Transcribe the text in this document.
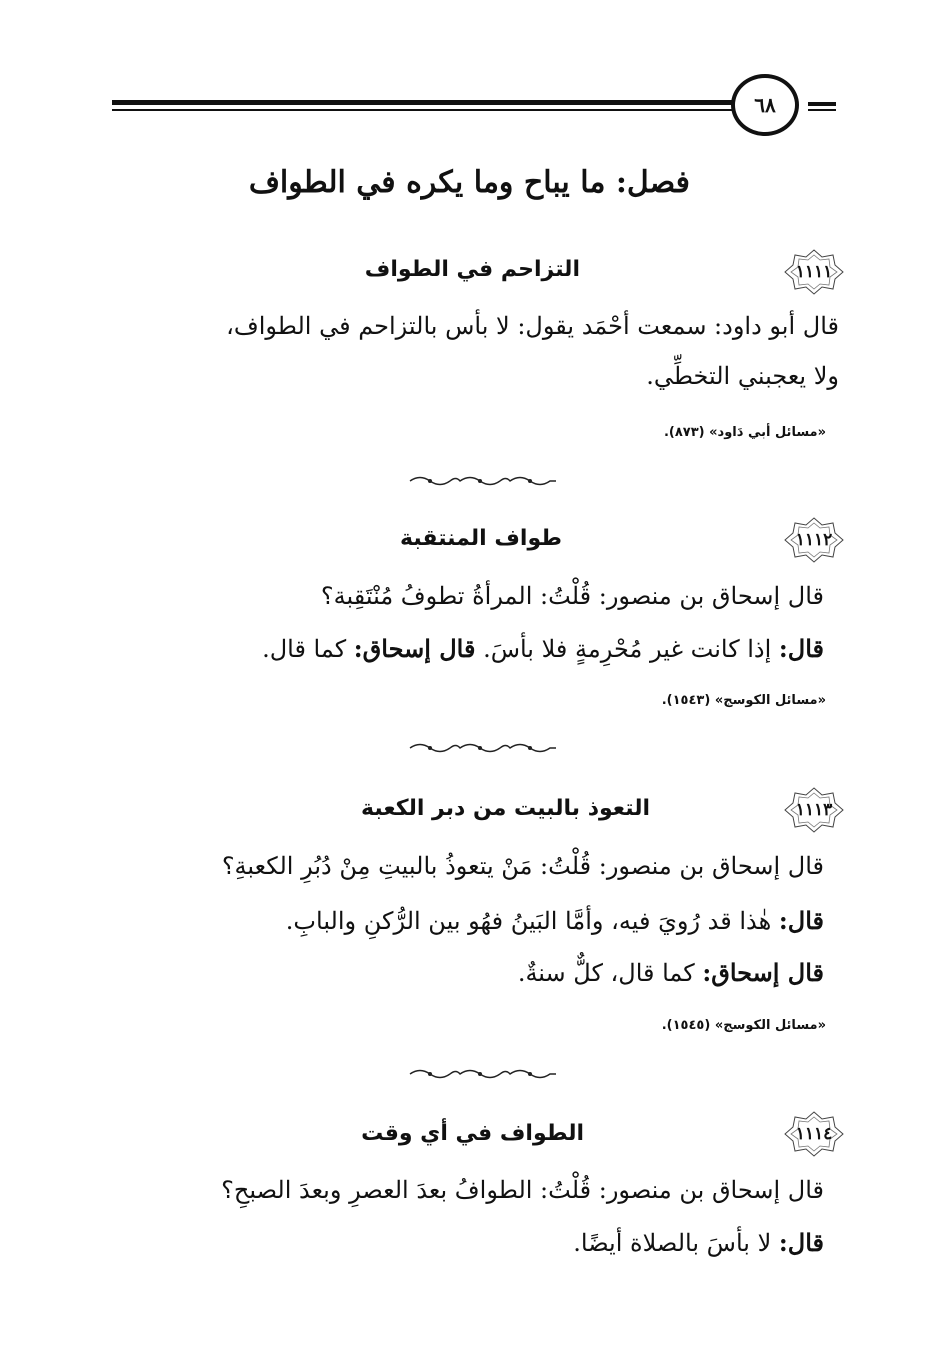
٦٨
فصل: ما يباح وما يكره في الطواف
١١١١
التزاحم في الطواف
قال أبو داود: سمعت أحْمَد يقول: لا بأس بالتزاحم في الطواف،
ولا يعجبني التخطِّي.
«مسائل أبي دَاود» (٨٧٣).
١١١٢
طواف المنتقبة
قال إسحاق بن منصور: قُلْتُ: المرأةُ تطوفُ مُنْتَقِبة؟
قال: إذا كانت غير مُحْرِمةٍ فلا بأسَ. قال إسحاق: كما قال.
«مسائل الكوسج» (١٥٤٣).
١١١٣
التعوذ بالبيت من دبر الكعبة
قال إسحاق بن منصور: قُلْتُ: مَنْ يتعوذُ بالبيتِ مِنْ دُبُرِ الكعبةِ؟
قال: هٰذا قد رُويَ فيه، وأمَّا البَينُ فهُو بين الرُّكنِ والبابِ.
قال إسحاق: كما قال، كلٌّ سنةٌ.
«مسائل الكوسج» (١٥٤٥).
١١١٤
الطواف في أي وقت
قال إسحاق بن منصور: قُلْتُ: الطوافُ بعدَ العصرِ وبعدَ الصبحِ؟
قال: لا بأسَ بالصلاة أيضًا.
